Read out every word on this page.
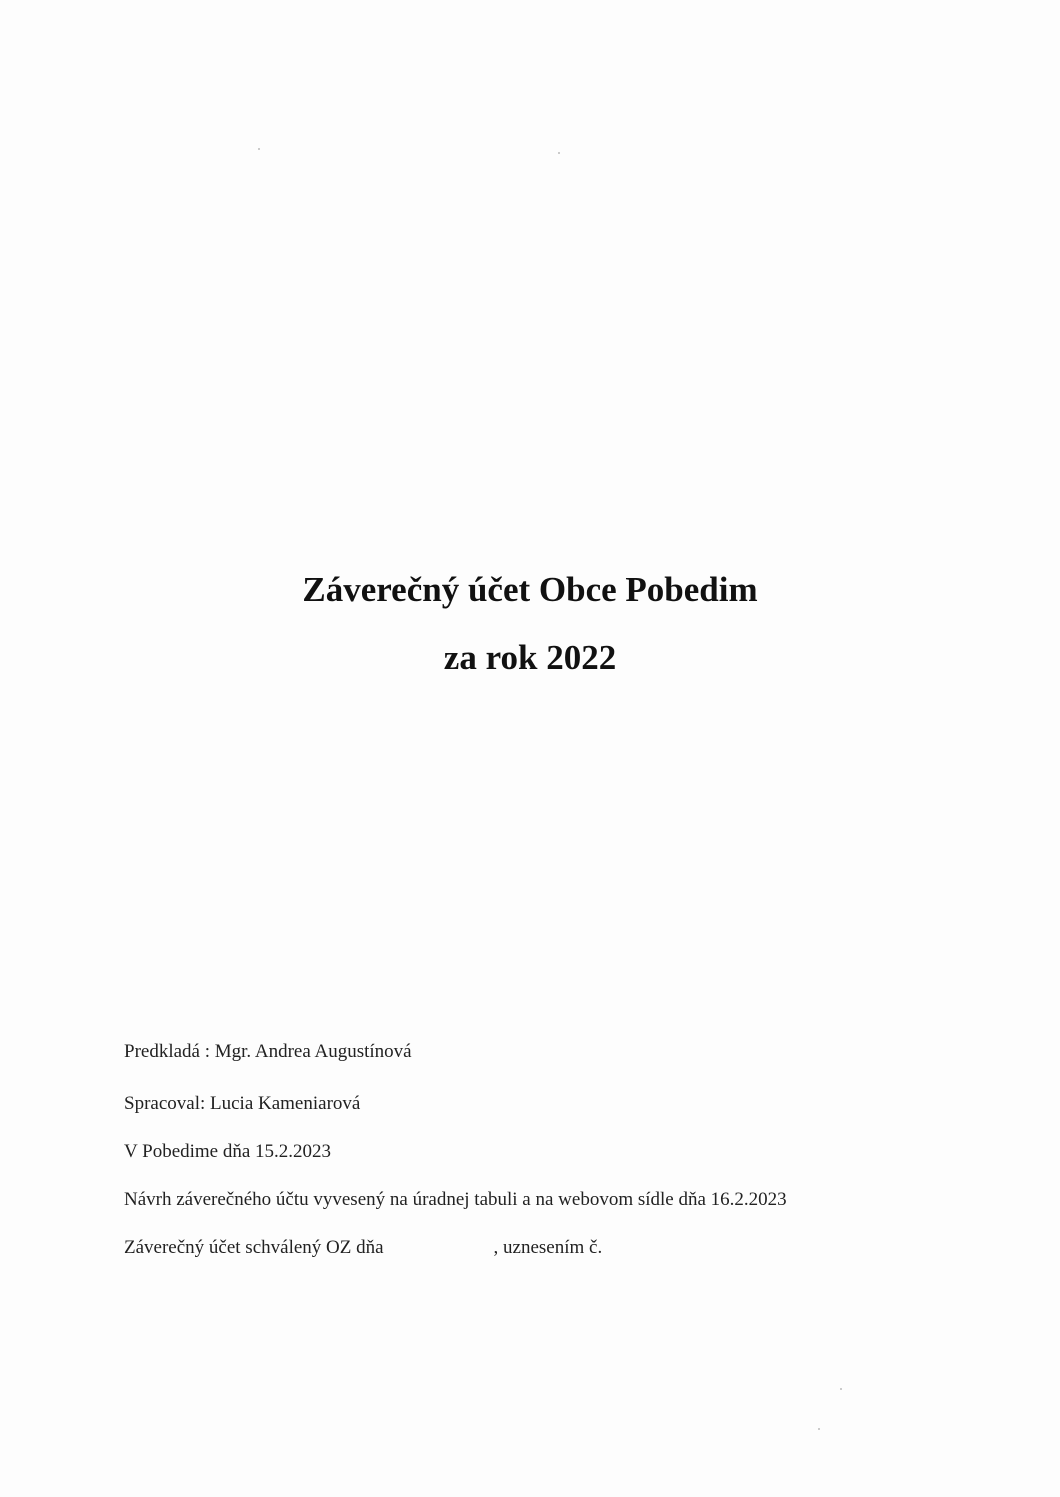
Záverečný účet Obce Pobedim
za rok 2022
Predkladá : Mgr. Andrea Augustínová
Spracoval: Lucia Kameniarová
V Pobedime dňa 15.2.2023
Návrh záverečného účtu vyvesený na úradnej tabuli a na webovom sídle dňa 16.2.2023
Záverečný účet schválený OZ dňa	, uznesením č.
